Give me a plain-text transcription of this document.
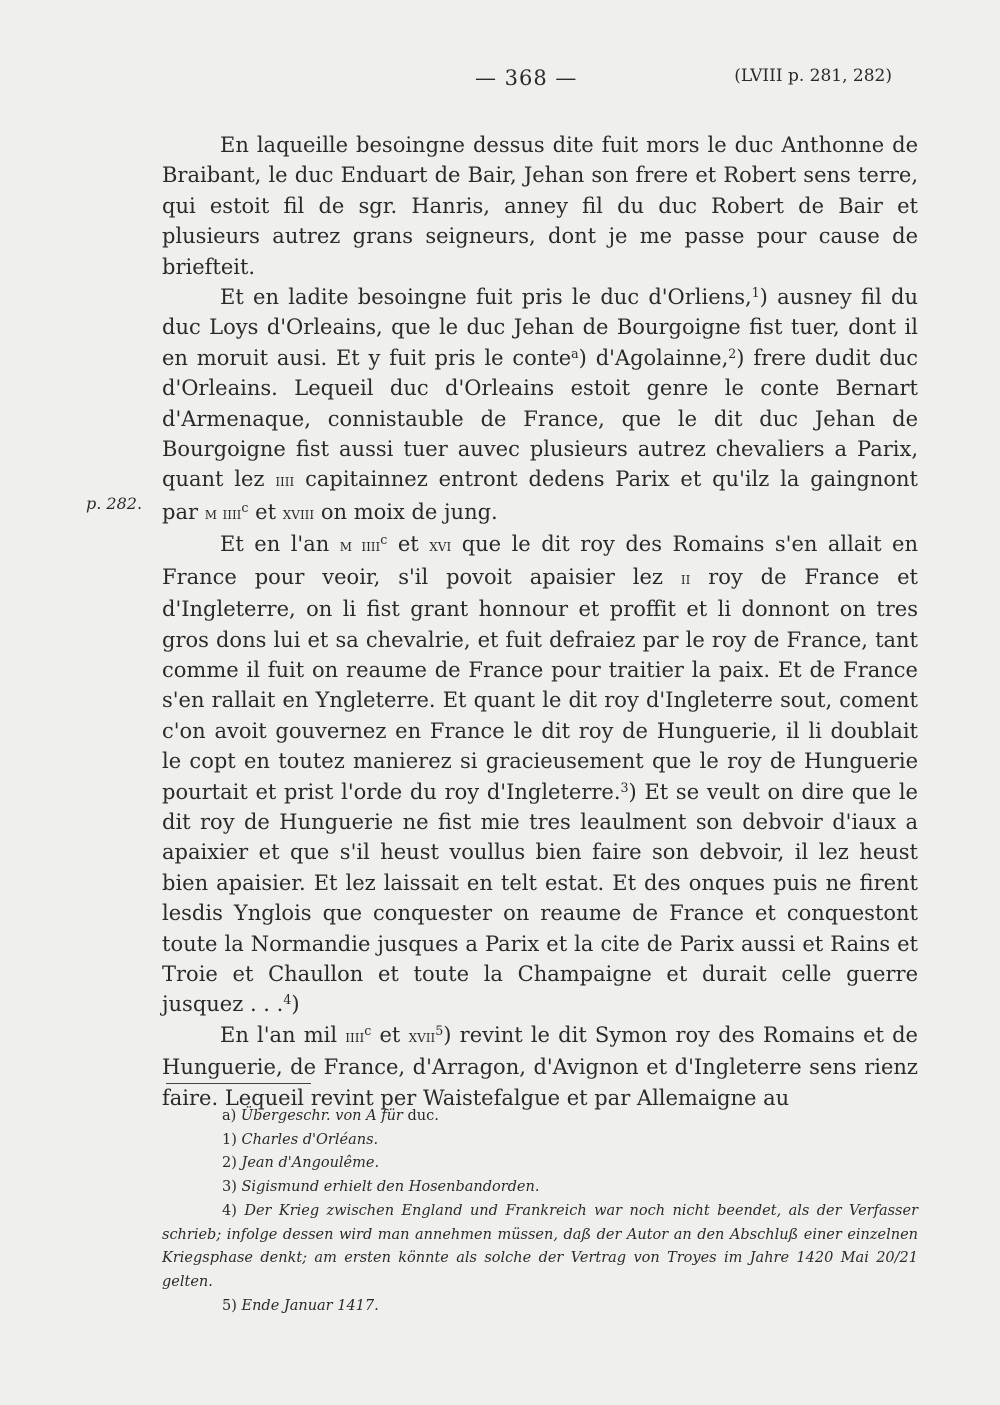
— 368 —	(LVIII p. 281, 282)
p. 282.

En laqueille besoingne dessus dite fuit mors le duc Anthonne de Braibant, le duc Enduart de Bair, Jehan son frere et Robert sens terre, qui estoit fil de sgr. Hanris, anney fil du duc Robert de Bair et plusieurs autrez grans seigneurs, dont je me passe pour cause de briefteit.

Et en ladite besoingne fuit pris le duc d'Orliens,$^1$) ausney fil du duc Loys d'Orleains, que le duc Jehan de Bourgoigne fist tuer, dont il en moruit ausi. Et y fuit pris le conte$^a$) d'Agolainne,$^2$) frere dudit duc d'Orleains. Lequeil duc d'Orleains estoit genre le conte Bernart d'Armenaque, connistauble de France, que le dit duc Jehan de Bourgoigne fist aussi tuer auvec plusieurs autrez chevaliers a Parix, quant lez iiii capitainnez entront dedens Parix et qu'ilz la gaingnont par m iiii$^c$ et xviii on moix de jung.

Et en l'an m iiii$^c$ et xvi que le dit roy des Romains s'en allait en France pour veoir, s'il povoit apaisier lez ii roy de France et d'Ingleterre, on li fist grant honnour et proffit et li donnont on tres gros dons lui et sa chevalrie, et fuit defraiez par le roy de France, tant comme il fuit on reaume de France pour traitier la paix. Et de France s'en rallait en Yngleterre. Et quant le dit roy d'Ingleterre sout, coment c'on avoit gouvernez en France le dit roy de Hunguerie, il li doublait le copt en toutez manierez si gracieusement que le roy de Hunguerie pourtait et prist l'orde du roy d'Ingleterre.$^3$) Et se veult on dire que le dit roy de Hunguerie ne fist mie tres leaulment son debvoir d'iaux a apaixier et que s'il heust voullus bien faire son debvoir, il lez heust bien apaisier. Et lez laissait en telt estat. Et des onques puis ne firent lesdis Ynglois que conquester on reaume de France et conquestont toute la Normandie jusques a Parix et la cite de Parix aussi et Rains et Troie et Chaullon et toute la Champaigne et durait celle guerre jusquez . . .$^4$)

En l'an mil iiii$^c$ et xvii$^5$) revint le dit Symon roy des Romains et de Hunguerie, de France, d'Arragon, d'Avignon et d'Ingleterre sens rienz faire. Lequeil revint per Waistefalgue et par Allemaigne au

a) Übergeschr. von A für duc.

1) Charles d'Orléans.

2) Jean d'Angoulême.

3) Sigismund erhielt den Hosenbandorden.

4) Der Krieg zwischen England und Frankreich war noch nicht beendet, als der Verfasser schrieb; infolge dessen wird man annehmen müssen, daß der Autor an den Abschluß einer einzelnen Kriegsphase denkt; am ersten könnte als solche der Vertrag von Troyes im Jahre 1420 Mai 20/21 gelten.

5) Ende Januar 1417.
